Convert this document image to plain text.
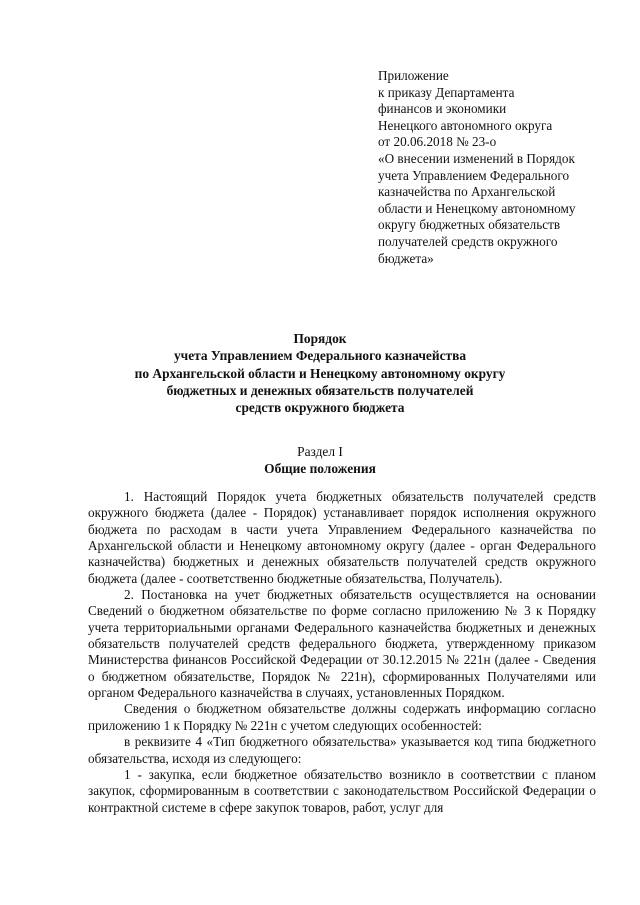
Приложение
к приказу Департамента
финансов и экономики
Ненецкого автономного округа
от 20.06.2018 № 23-о
«О внесении изменений в Порядок
учета Управлением Федерального
казначейства по Архангельской
области и Ненецкому автономному
округу бюджетных обязательств
получателей средств окружного
бюджета»
Порядок
учета Управлением Федерального казначейства
по Архангельской области и Ненецкому автономному округу
бюджетных и денежных обязательств получателей
средств окружного бюджета
Раздел I
Общие положения

1. Настоящий Порядок учета бюджетных обязательств получателей средств окружного бюджета (далее - Порядок) устанавливает порядок исполнения окружного бюджета по расходам в части учета Управлением Федерального казначейства по Архангельской области и Ненецкому автономному округу (далее - орган Федерального казначейства) бюджетных и денежных обязательств получателей средств окружного бюджета (далее - соответственно бюджетные обязательства, Получатель).

2. Постановка на учет бюджетных обязательств осуществляется на основании Сведений о бюджетном обязательстве по форме согласно приложению № 3 к Порядку учета территориальными органами Федерального казначейства бюджетных и денежных обязательств получателей средств федерального бюджета, утвержденному приказом Министерства финансов Российской Федерации от 30.12.2015 № 221н (далее - Сведения о бюджетном обязательстве, Порядок № 221н), сформированных Получателями или органом Федерального казначейства в случаях, установленных Порядком.

Сведения о бюджетном обязательстве должны содержать информацию согласно приложению 1 к Порядку № 221н с учетом следующих особенностей:

в реквизите 4 «Тип бюджетного обязательства» указывается код типа бюджетного обязательства, исходя из следующего:

1 - закупка, если бюджетное обязательство возникло в соответствии с планом закупок, сформированным в соответствии с законодательством Российской Федерации о контрактной системе в сфере закупок товаров, работ, услуг для
